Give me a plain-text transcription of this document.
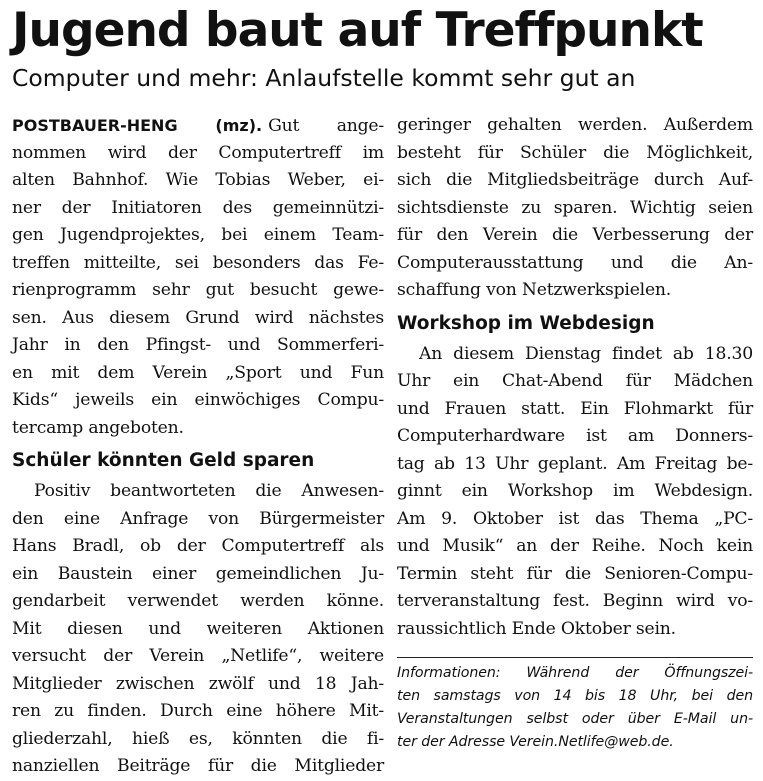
Jugend baut auf Treffpunkt
Computer und mehr: Anlaufstelle kommt sehr gut an
POSTBAUER-HENG (mz). Gut ange-
nommen wird der Computertreff im
alten Bahnhof. Wie Tobias Weber, ei-
ner der Initiatoren des gemeinnützi-
gen Jugendprojektes, bei einem Team-
treffen mitteilte, sei besonders das Fe-
rienprogramm sehr gut besucht gewe-
sen. Aus diesem Grund wird nächstes
Jahr in den Pfingst- und Sommerferi-
en mit dem Verein „Sport und Fun
Kids“ jeweils ein einwöchiges Compu-
tercamp angeboten.
Schüler könnten Geld sparen
Positiv beantworteten die Anwesen-
den eine Anfrage von Bürgermeister
Hans Bradl, ob der Computertreff als
ein Baustein einer gemeindlichen Ju-
gendarbeit verwendet werden könne.
Mit diesen und weiteren Aktionen
versucht der Verein „Netlife“, weitere
Mitglieder zwischen zwölf und 18 Jah-
ren zu finden. Durch eine höhere Mit-
gliederzahl, hieß es, könnten die fi-
nanziellen Beiträge für die Mitglieder
geringer gehalten werden. Außerdem
besteht für Schüler die Möglichkeit,
sich die Mitgliedsbeiträge durch Auf-
sichtsdienste zu sparen. Wichtig seien
für den Verein die Verbesserung der
Computerausstattung und die An-
schaffung von Netzwerkspielen.
Workshop im Webdesign
An diesem Dienstag findet ab 18.30
Uhr ein Chat-Abend für Mädchen
und Frauen statt. Ein Flohmarkt für
Computerhardware ist am Donners-
tag ab 13 Uhr geplant. Am Freitag be-
ginnt ein Workshop im Webdesign.
Am 9. Oktober ist das Thema „PC-
und Musik“ an der Reihe. Noch kein
Termin steht für die Senioren-Compu-
terveranstaltung fest. Beginn wird vo-
raussichtlich Ende Oktober sein.
Informationen: Während der Öffnungszei-
ten samstags von 14 bis 18 Uhr, bei den
Veranstaltungen selbst oder über E-Mail un-
ter der Adresse Verein.Netlife@web.de.
